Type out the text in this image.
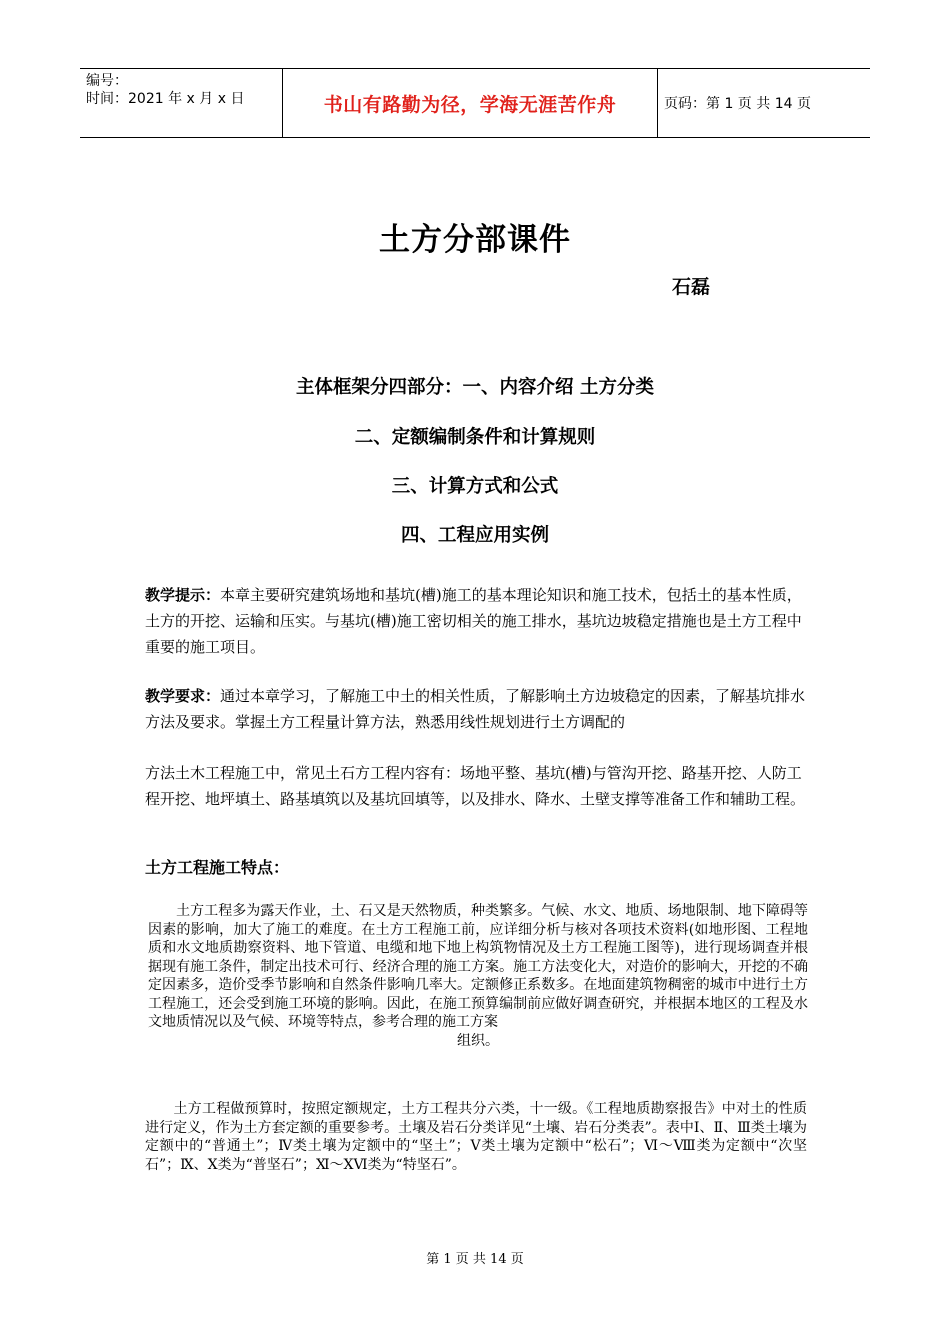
编号：
时间：2021 年 x 月 x 日	书山有路勤为径，学海无涯苦作舟	页码：第 1 页 共 14 页
土方分部课件
石磊
主体框架分四部分：一、内容介绍 土方分类
二、定额编制条件和计算规则
三、计算方式和公式
四、工程应用实例
教学提示：本章主要研究建筑场地和基坑(槽)施工的基本理论知识和施工技术，包括土的基本性质，土方的开挖、运输和压实。与基坑(槽)施工密切相关的施工排水，基坑边坡稳定措施也是土方工程中重要的施工项目。
教学要求：通过本章学习，了解施工中土的相关性质，了解影响土方边坡稳定的因素，了解基坑排水方法及要求。掌握土方工程量计算方法，熟悉用线性规划进行土方调配的
方法土木工程施工中，常见土石方工程内容有：场地平整、基坑(槽)与管沟开挖、路基开挖、人防工程开挖、地坪填土、路基填筑以及基坑回填等，以及排水、降水、土壁支撑等准备工作和辅助工程。
土方工程施工特点：
　　土方工程多为露天作业，土、石又是天然物质，种类繁多。气候、水文、地质、场地限制、地下障碍等因素的影响，加大了施工的难度。在土方工程施工前，应详细分析与核对各项技术资料(如地形图、工程地质和水文地质勘察资料、地下管道、电缆和地下地上构筑物情况及土方工程施工图等)，进行现场调查并根据现有施工条件，制定出技术可行、经济合理的施工方案。施工方法变化大，对造价的影响大，开挖的不确定因素多，造价受季节影响和自然条件影响几率大。定额修正系数多。在地面建筑物稠密的城市中进行土方工程施工，还会受到施工环境的影响。因此，在施工预算编制前应做好调查研究，并根据本地区的工程及水文地质情况以及气候、环境等特点，参考合理的施工方案
组织。
　　土方工程做预算时，按照定额规定，土方工程共分六类，十一级。《工程地质勘察报告》中对土的性质进行定义，作为土方套定额的重要参考。土壤及岩石分类详见“土壤、岩石分类表”。表中Ⅰ、Ⅱ、Ⅲ类土壤为定额中的“普通土”；Ⅳ类土壤为定额中的“坚土”；Ⅴ类土壤为定额中“松石”；Ⅵ～Ⅷ类为定额中“次坚石”；Ⅸ、Ⅹ类为“普坚石”；Ⅺ～ⅩⅥ类为“特坚石”。
第 1 页 共 14 页
